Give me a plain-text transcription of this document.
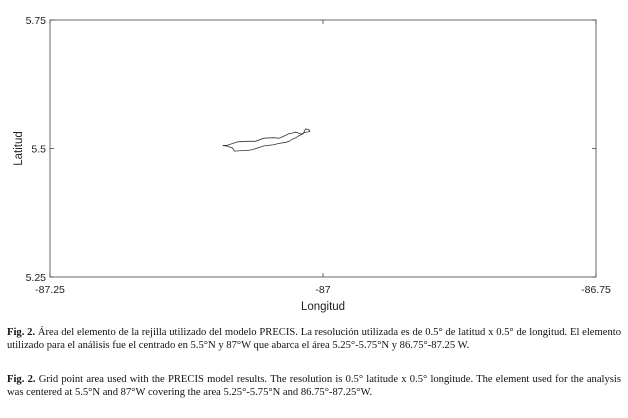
-87.25	-87	-86.75
5.25
5.5
5.75
Longitud
Latitud

Fig. 2. Área del elemento de la rejilla utilizado del modelo PRECIS. La resolución utilizada es de 0.5° de latitud x 0.5° de longitud. El elemento utilizado para el análisis fue el centrado en 5.5°N y 87°W que abarca el área 5.25°-5.75°N y 86.75°-87.25 W.

Fig. 2. Grid point area used with the PRECIS model results. The resolution is 0.5° latitude x 0.5° longitude. The element used for the analysis was centered at 5.5°N and 87°W covering the area 5.25°-5.75°N and 86.75°-87.25°W.
